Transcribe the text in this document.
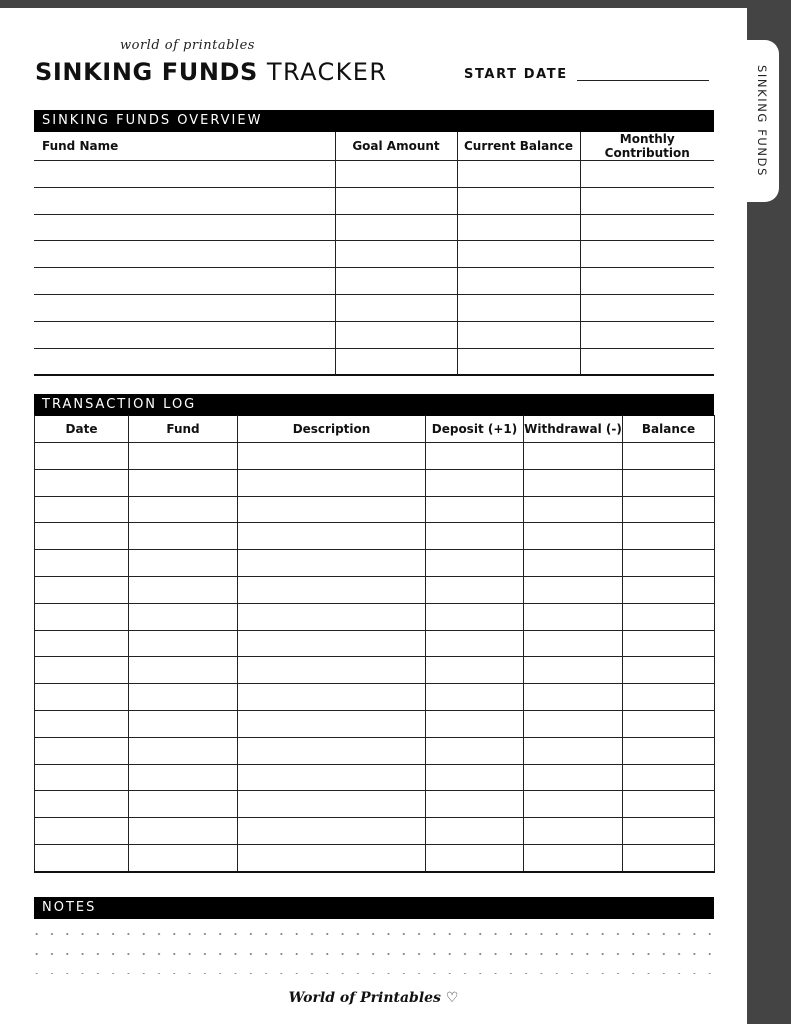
SINKING FUNDS
world of printables
SINKING FUNDS TRACKER	START DATE
SINKING FUNDS OVERVIEW
Fund Name	Goal Amount	Current Balance	Monthly Contribution

TRANSACTION LOG
Date	Fund	Description	Deposit (+1)	Withdrawal (-)	Balance

NOTES
World of Printables ♡
